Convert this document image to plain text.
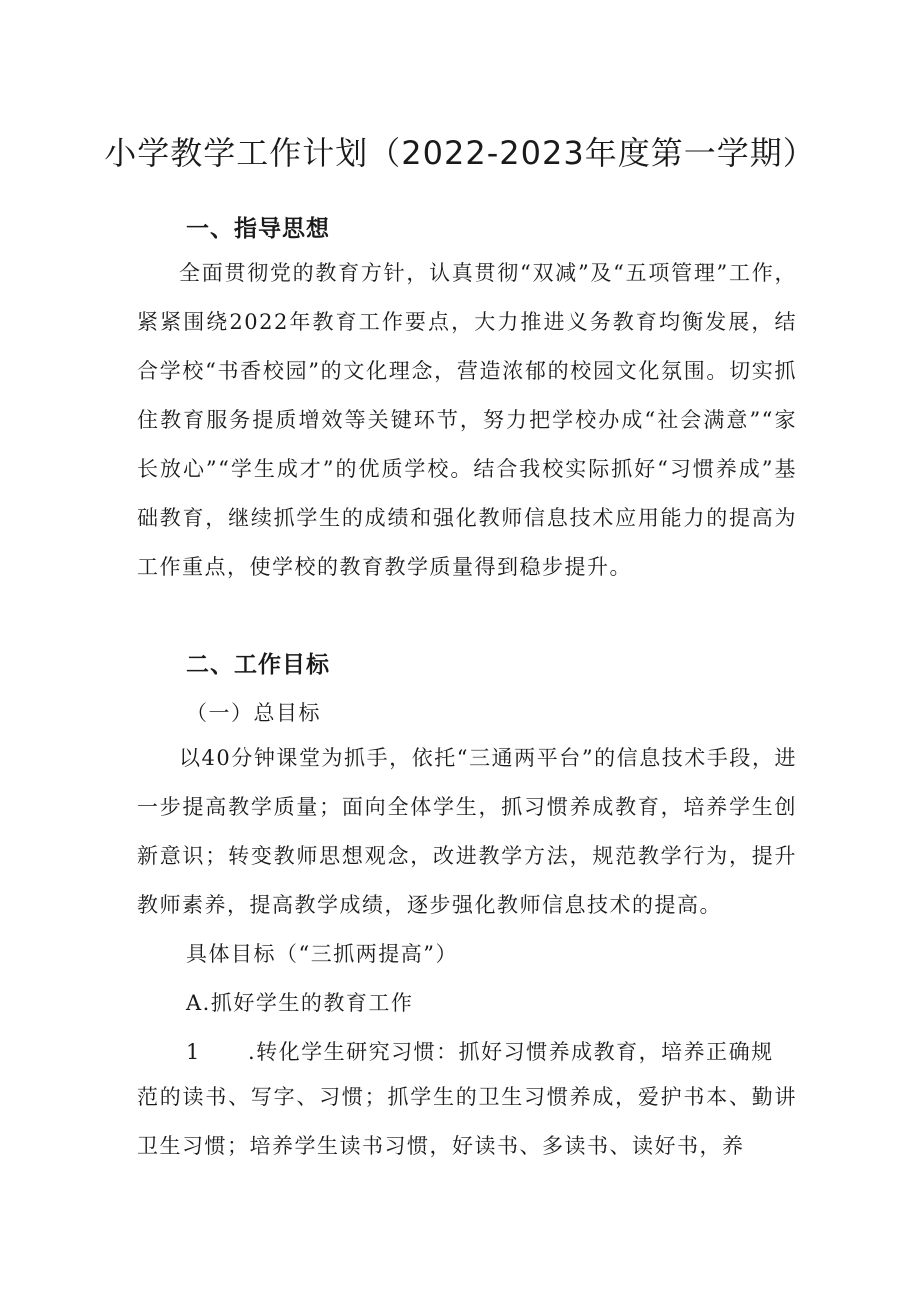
小学教学工作计划（2022-2023年度第一学期）
一、指导思想
全面贯彻党的教育方针，认真贯彻“双减”及“五项管理”工作，紧紧围绕2022年教育工作要点，大力推进义务教育均衡发展，结合学校“书香校园”的文化理念，营造浓郁的校园文化氛围。切实抓住教育服务提质增效等关键环节，努力把学校办成“社会满意”“家长放心”“学生成才”的优质学校。结合我校实际抓好“习惯养成”基础教育，继续抓学生的成绩和强化教师信息技术应用能力的提高为工作重点，使学校的教育教学质量得到稳步提升。
二、工作目标
（一）总目标
以40分钟课堂为抓手，依托“三通两平台”的信息技术手段，进一步提高教学质量；面向全体学生，抓习惯养成教育，培养学生创新意识；转变教师思想观念，改进教学方法，规范教学行为，提升教师素养，提高教学成绩，逐步强化教师信息技术的提高。
具体目标（“三抓两提高”）
A.抓好学生的教育工作
1 .转化学生研究习惯：抓好习惯养成教育，培养正确规
范的读书、写字、习惯；抓学生的卫生习惯养成，爱护书本、勤讲卫生习惯；培养学生读书习惯，好读书、多读书、读好书，养
